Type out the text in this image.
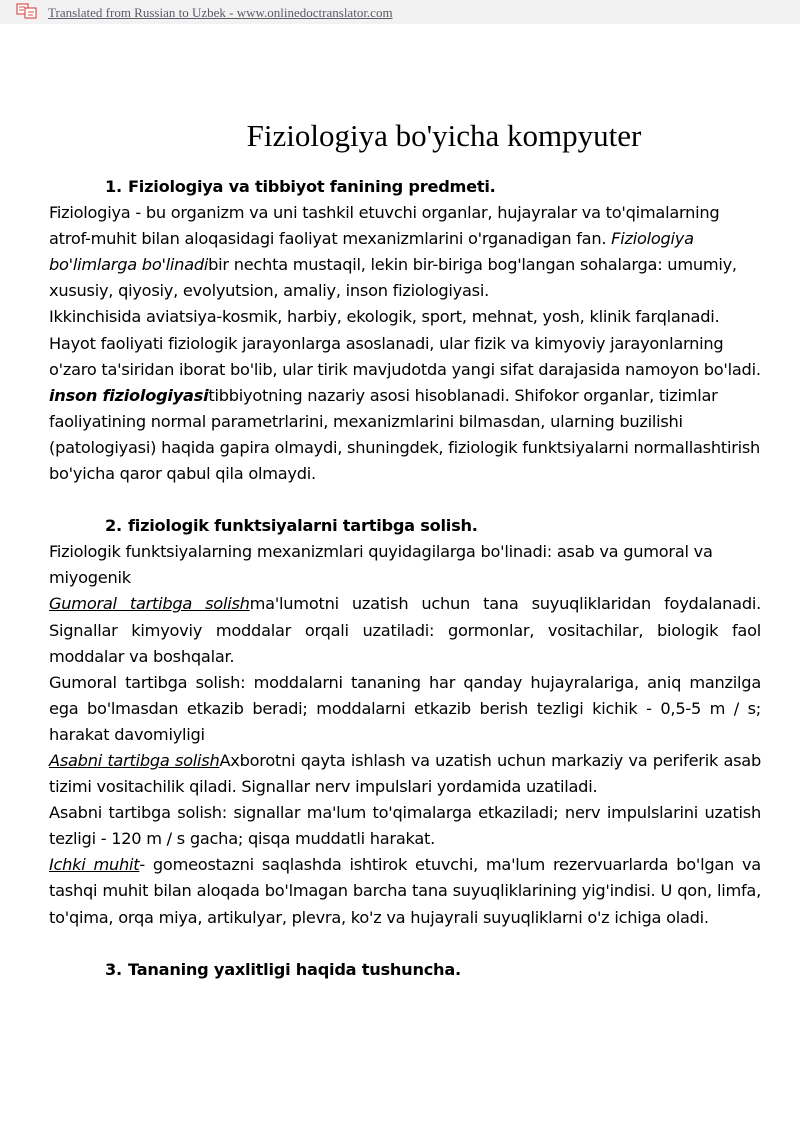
Translated from Russian to Uzbek - www.onlinedoctranslator.com
Fiziologiya bo'yicha kompyuter

1. Fiziologiya va tibbiyot fanining predmeti.

Fiziologiya - bu organizm va uni tashkil etuvchi organlar, hujayralar va to'qimalarning atrof-muhit bilan aloqasidagi faoliyat mexanizmlarini o'rganadigan fan. Fiziologiya bo'limlarga bo'linadibir nechta mustaqil, lekin bir-biriga bog'langan sohalarga: umumiy,

xususiy, qiyosiy, evolyutsion, amaliy, inson fiziologiyasi.

Ikkinchisida aviatsiya-kosmik, harbiy, ekologik, sport, mehnat, yosh, klinik farqlanadi. Hayot faoliyati fiziologik jarayonlarga asoslanadi, ular fizik va kimyoviy jarayonlarning o'zaro ta'siridan iborat bo'lib, ular tirik mavjudotda yangi sifat darajasida namoyon bo'ladi. inson fiziologiyasitibbiyotning nazariy asosi hisoblanadi. Shifokor organlar, tizimlar faoliyatining normal parametrlarini, mexanizmlarini bilmasdan, ularning buzilishi (patologiyasi) haqida gapira olmaydi, shuningdek, fiziologik funktsiyalarni normallashtirish bo'yicha qaror qabul qila olmaydi.

2. fiziologik funktsiyalarni tartibga solish.

Fiziologik funktsiyalarning mexanizmlari quyidagilarga bo'linadi: asab va gumoral va miyogenik

Gumoral tartibga solishma'lumotni uzatish uchun tana suyuqliklaridan foydalanadi. Signallar kimyoviy moddalar orqali uzatiladi: gormonlar, vositachilar, biologik faol moddalar va boshqalar.

Gumoral tartibga solish: moddalarni tananing har qanday hujayralariga, aniq manzilga ega bo'lmasdan etkazib beradi; moddalarni etkazib berish tezligi kichik - 0,5-5 m / s; harakat davomiyligi

Asabni tartibga solishAxborotni qayta ishlash va uzatish uchun markaziy va periferik asab tizimi vositachilik qiladi. Signallar nerv impulslari yordamida uzatiladi.

Asabni tartibga solish: signallar ma'lum to'qimalarga etkaziladi; nerv impulslarini uzatish tezligi - 120 m / s gacha; qisqa muddatli harakat.

Ichki muhit- gomeostazni saqlashda ishtirok etuvchi, ma'lum rezervuarlarda bo'lgan va tashqi muhit bilan aloqada bo'lmagan barcha tana suyuqliklarining yig'indisi. U qon, limfa, to'qima, orqa miya, artikulyar, plevra, ko'z va hujayrali suyuqliklarni o'z ichiga oladi.

3. Tananing yaxlitligi haqida tushuncha.
